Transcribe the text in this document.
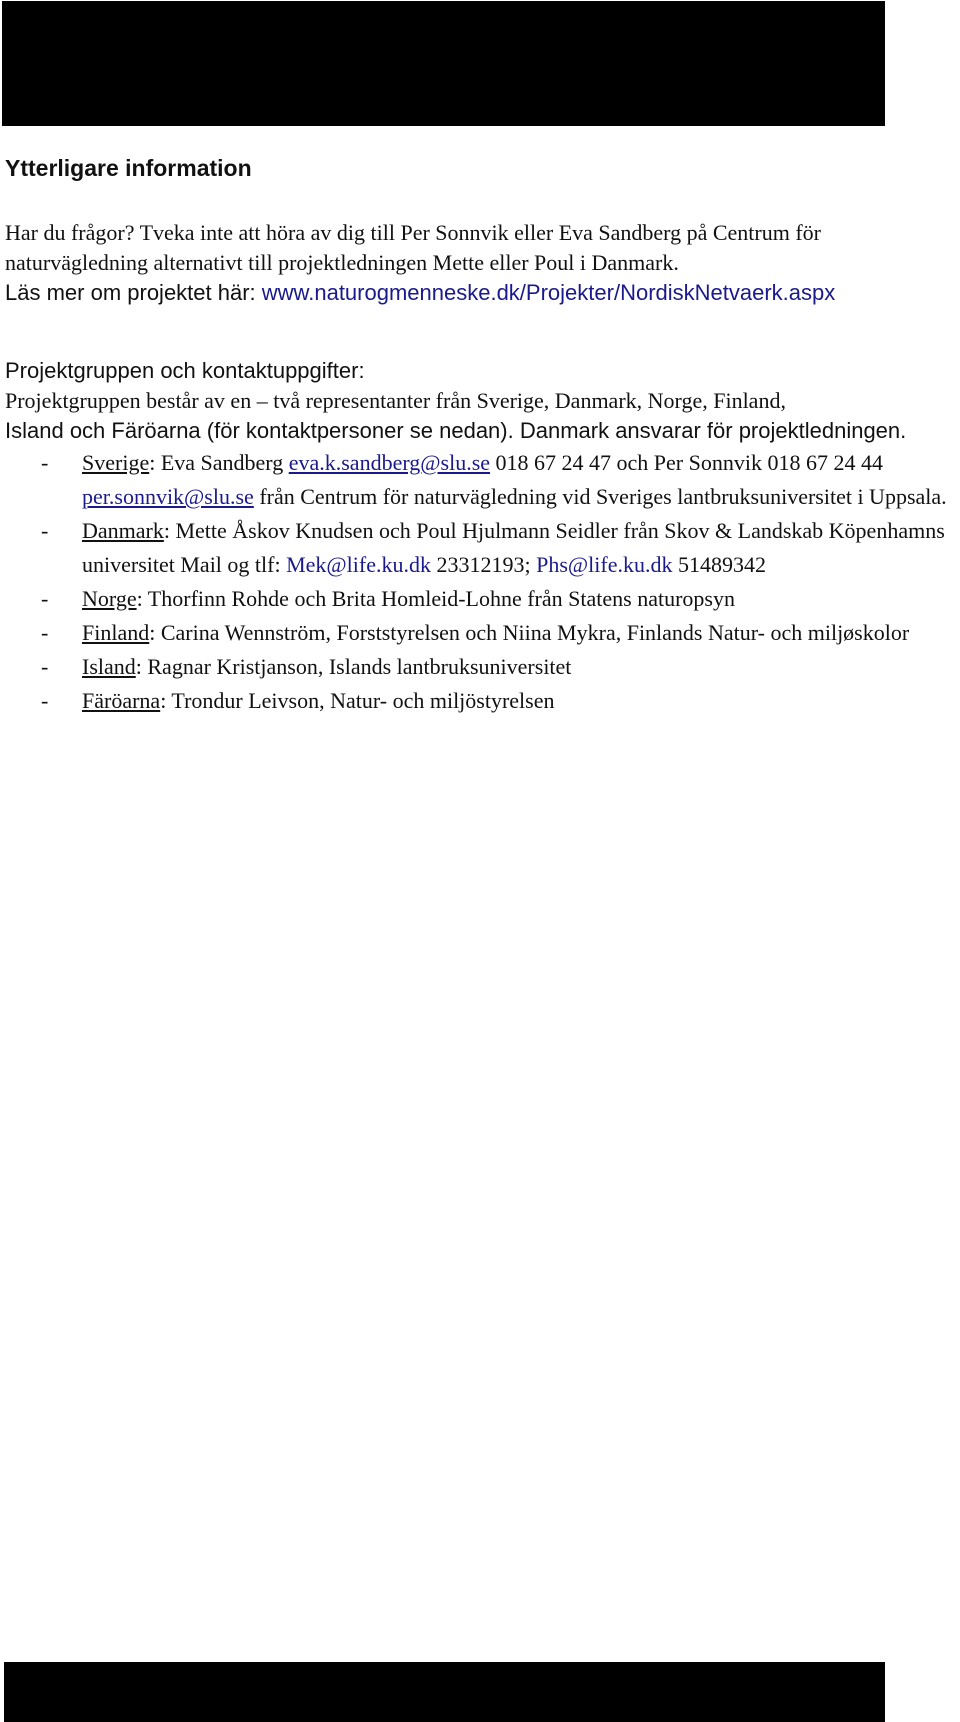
Ytterligare information

Har du frågor? Tveka inte att höra av dig till Per Sonnvik eller Eva Sandberg på Centrum för naturvägledning alternativt till projektledningen Mette eller Poul i Danmark.

Läs mer om projektet här: www.naturogmenneske.dk/Projekter/NordiskNetvaerk.aspx

Projektgruppen och kontaktuppgifter:

Projektgruppen består av en – två representanter från Sverige, Danmark, Norge, Finland,
Island och Färöarna (för kontaktpersoner se nedan). Danmark ansvarar för projektledningen.

- Sverige: Eva Sandberg eva.k.sandberg@slu.se 018 67 24 47 och Per Sonnvik 018 67 24 44 per.sonnvik@slu.se från Centrum för naturvägledning vid Sveriges lantbruksuniversitet i Uppsala.
- Danmark: Mette Åskov Knudsen och Poul Hjulmann Seidler från Skov & Landskab Köpenhamns universitet Mail og tlf: Mek@life.ku.dk 23312193; Phs@life.ku.dk 51489342
- Norge: Thorfinn Rohde och Brita Homleid-Lohne från Statens naturopsyn
- Finland: Carina Wennström, Forststyrelsen och Niina Mykra, Finlands Natur- och miljøskolor
- Island: Ragnar Kristjanson, Islands lantbruksuniversitet
- Färöarna: Trondur Leivson, Natur- och miljöstyrelsen
